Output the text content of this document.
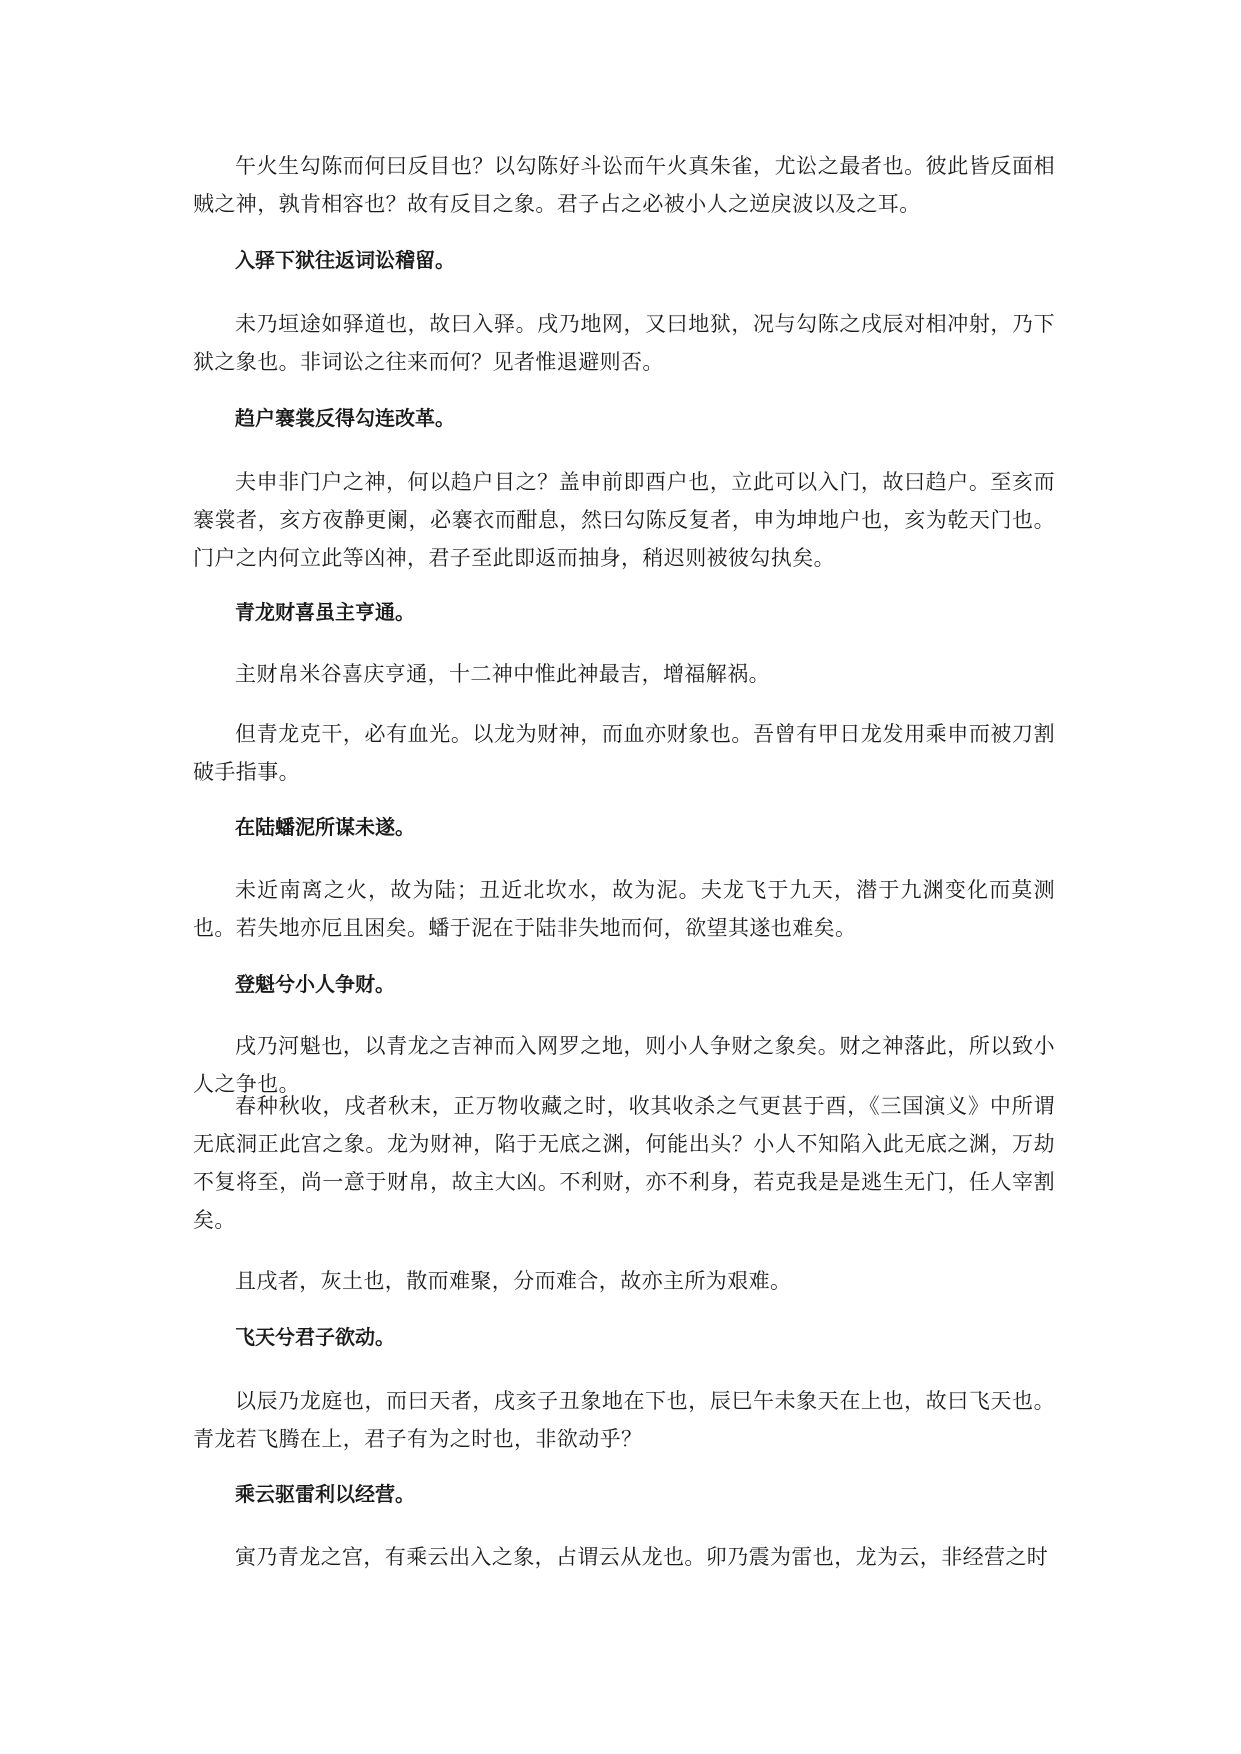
午火生勾陈而何曰反目也？以勾陈好斗讼而午火真朱雀，尤讼之最者也。彼此皆反面相贼之神，孰肯相容也？故有反目之象。君子占之必被小人之逆戾波以及之耳。

入驿下狱往返词讼稽留。

未乃垣途如驿道也，故曰入驿。戌乃地网，又曰地狱，况与勾陈之戌辰对相冲射，乃下狱之象也。非词讼之往来而何？见者惟退避则否。

趋户褰裳反得勾连改革。

夫申非门户之神，何以趋户目之？盖申前即酉户也，立此可以入门，故曰趋户。至亥而褰裳者，亥方夜静更阑，必褰衣而酣息，然曰勾陈反复者，申为坤地户也，亥为乾天门也。门户之内何立此等凶神，君子至此即返而抽身，稍迟则被彼勾执矣。

青龙财喜虽主亨通。

主财帛米谷喜庆亨通，十二神中惟此神最吉，增福解祸。

但青龙克干，必有血光。以龙为财神，而血亦财象也。吾曾有甲日龙发用乘申而被刀割破手指事。

在陆蟠泥所谋未遂。

未近南离之火，故为陆；丑近北坎水，故为泥。夫龙飞于九天，潜于九渊变化而莫测也。若失地亦厄且困矣。蟠于泥在于陆非失地而何，欲望其遂也难矣。

登魁兮小人争财。

戌乃河魁也，以青龙之吉神而入网罗之地，则小人争财之象矣。财之神落此，所以致小人之争也。

春种秋收，戌者秋末，正万物收藏之时，收其收杀之气更甚于酉，《三国演义》中所谓无底洞正此宫之象。龙为财神，陷于无底之渊，何能出头？小人不知陷入此无底之渊，万劫不复将至，尚一意于财帛，故主大凶。不利财，亦不利身，若克我是是逃生无门，任人宰割矣。

且戌者，灰土也，散而难聚，分而难合，故亦主所为艰难。

飞天兮君子欲动。

以辰乃龙庭也，而曰天者，戌亥子丑象地在下也，辰巳午未象天在上也，故曰飞天也。青龙若飞腾在上，君子有为之时也，非欲动乎？

乘云驱雷利以经营。

寅乃青龙之宫，有乘云出入之象，占谓云从龙也。卯乃震为雷也，龙为云，非经营之时
